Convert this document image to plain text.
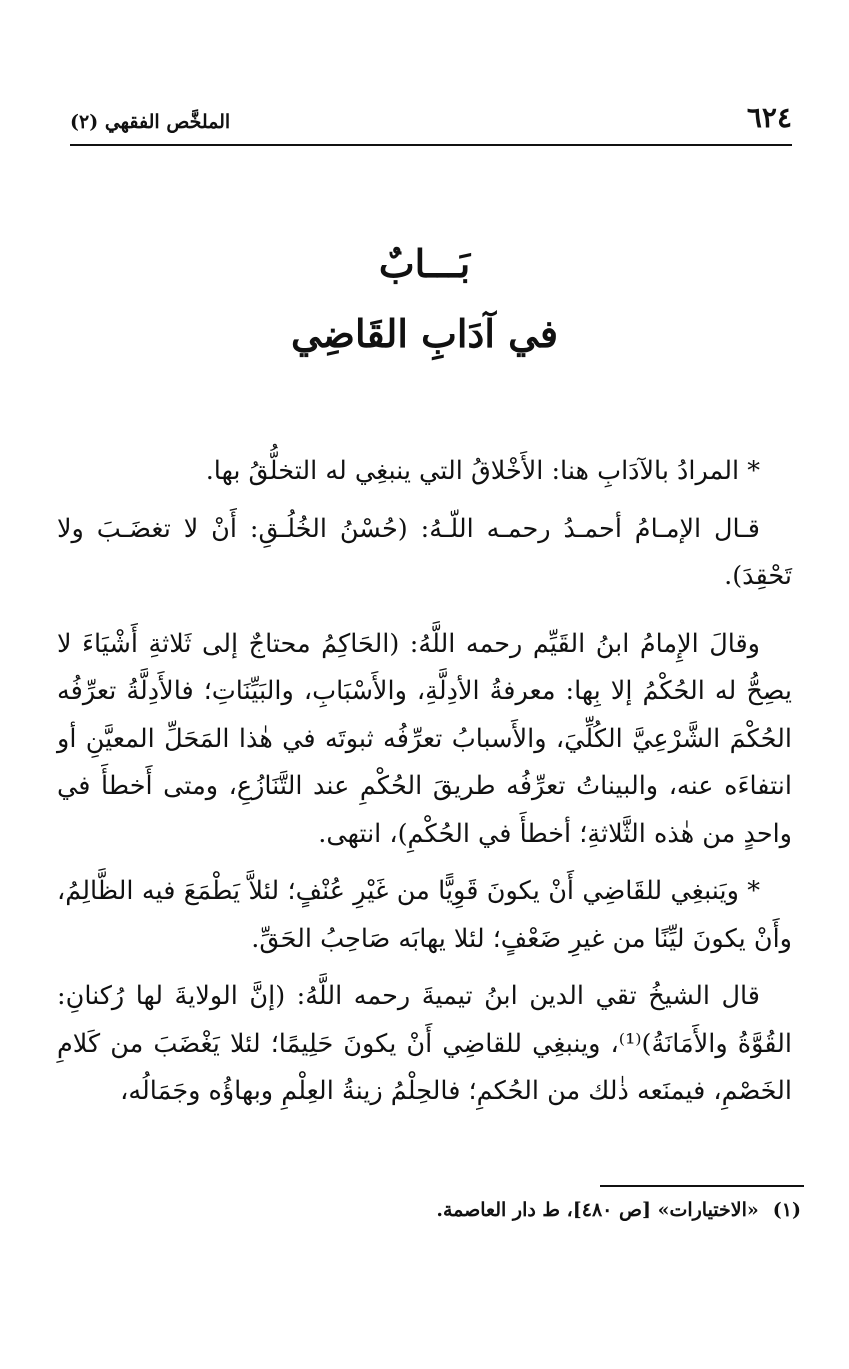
٦٢٤
الملخَّص الفقهي (٢)
بَـــابٌ
في آدَابِ القَاضِي

* المرادُ بالآدَابِ هنا: الأَخْلاقُ التي ينبغِي له التخلُّقُ بها.

قـال الإمـامُ أحمـدُ رحمـه اللّـهُ: (حُسْنُ الخُلُـقِ: أَنْ لا تغضَـبَ ولا تَحْقِدَ).

وقالَ الإِمامُ ابنُ القَيِّم رحمه اللَّهُ: (الحَاكِمُ محتاجٌ إلى ثَلاثةِ أَشْيَاءَ لا يصِحُّ له الحُكْمُ إلا بِها: معرفةُ الأدِلَّةِ، والأَسْبَابِ، والبَيِّنَاتِ؛ فالأَدِلَّةُ تعرِّفُه الحُكْمَ الشَّرْعِيَّ الكُلِّيَ، والأَسبابُ تعرِّفُه ثبوتَه في هٰذا المَحَلِّ المعيَّنِ أو انتفاءَه عنه، والبيناتُ تعرِّفُه طريقَ الحُكْمِ عند التَّنَازُعِ، ومتى أَخطأَ في واحدٍ من هٰذه الثَّلاثةِ؛ أخطأَ في الحُكْمِ)، انتهى.

* ويَنبغِي للقَاضِي أَنْ يكونَ قَوِيًّا من غَيْرِ عُنْفٍ؛ لئلاَّ يَطْمَعَ فيه الظَّالِمُ، وأَنْ يكونَ ليِّنًا من غيرِ ضَعْفٍ؛ لئلا يهابَه صَاحِبُ الحَقِّ.

قال الشيخُ تقي الدين ابنُ تيميةَ رحمه اللَّهُ: (إنَّ الولايةَ لها رُكنانِ: القُوَّةُ والأَمَانَةُ)⁽¹⁾، وينبغِي للقاضِي أَنْ يكونَ حَلِيمًا؛ لئلا يَغْضَبَ من كَلامِ الخَصْمِ، فيمنَعه ذٰلك من الحُكمِ؛ فالحِلْمُ زينةُ العِلْمِ وبهاؤُه وجَمَالُه،

(١)«الاختيارات» [ص ٤٨٠]، ط دار العاصمة.
